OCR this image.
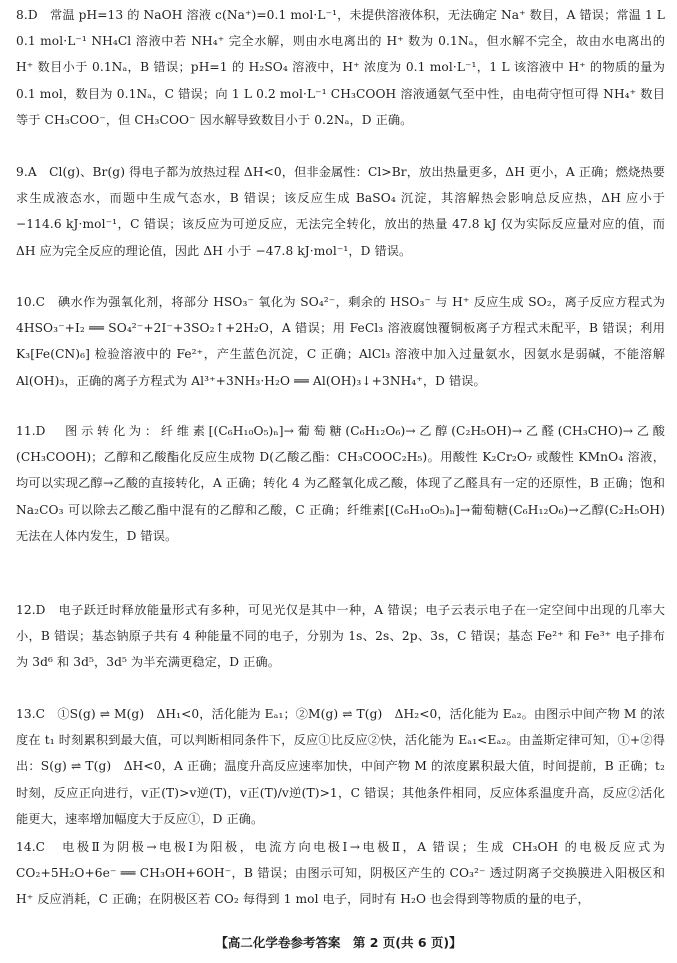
8.D　常温 pH=13 的 NaOH 溶液 c(Na⁺)=0.1 mol·L⁻¹，未提供溶液体积，无法确定 Na⁺ 数目，A 错误；常温 1 L 0.1 mol·L⁻¹ NH₄Cl 溶液中若 NH₄⁺ 完全水解，则由水电离出的 H⁺ 数为 0.1Nₐ，但水解不完全，故由水电离出的 H⁺ 数目小于 0.1Nₐ，B 错误；pH=1 的 H₂SO₄ 溶液中，H⁺ 浓度为 0.1 mol·L⁻¹，1 L 该溶液中 H⁺ 的物质的量为 0.1 mol，数目为 0.1Nₐ，C 错误；向 1 L 0.2 mol·L⁻¹ CH₃COOH 溶液通氨气至中性，由电荷守恒可得 NH₄⁺ 数目等于 CH₃COO⁻，但 CH₃COO⁻ 因水解导致数目小于 0.2Nₐ，D 正确。
9.A　Cl(g)、Br(g) 得电子都为放热过程 ΔH<0，但非金属性：Cl>Br，放出热量更多，ΔH 更小，A 正确；燃烧热要求生成液态水，而题中生成气态水，B 错误；该反应生成 BaSO₄ 沉淀，其溶解热会影响总反应热，ΔH 应小于 −114.6 kJ·mol⁻¹，C 错误；该反应为可逆反应，无法完全转化，放出的热量 47.8 kJ 仅为实际反应量对应的值，而 ΔH 应为完全反应的理论值，因此 ΔH 小于 −47.8 kJ·mol⁻¹，D 错误。
10.C　碘水作为强氧化剂，将部分 HSO₃⁻ 氧化为 SO₄²⁻，剩余的 HSO₃⁻ 与 H⁺ 反应生成 SO₂，离子反应方程式为 4HSO₃⁻+I₂ ══ SO₄²⁻+2I⁻+3SO₂↑+2H₂O，A 错误；用 FeCl₃ 溶液腐蚀覆铜板离子方程式未配平，B 错误；利用 K₃[Fe(CN)₆] 检验溶液中的 Fe²⁺，产生蓝色沉淀，C 正确；AlCl₃ 溶液中加入过量氨水，因氨水是弱碱，不能溶解 Al(OH)₃，正确的离子方程式为 Al³⁺+3NH₃·H₂O ══ Al(OH)₃↓+3NH₄⁺，D 错误。
11.D　图示转化为：纤维素[(C₆H₁₀O₅)ₙ]→葡萄糖(C₆H₁₂O₆)→乙醇(C₂H₅OH)→乙醛(CH₃CHO)→乙酸(CH₃COOH)；乙醇和乙酸酯化反应生成物 D(乙酸乙酯：CH₃COOC₂H₅)。用酸性 K₂Cr₂O₇ 或酸性 KMnO₄ 溶液，均可以实现乙醇→乙酸的直接转化，A 正确；转化 4 为乙醛氧化成乙酸，体现了乙醛具有一定的还原性，B 正确；饱和 Na₂CO₃ 可以除去乙酸乙酯中混有的乙醇和乙酸，C 正确；纤维素[(C₆H₁₀O₅)ₙ]→葡萄糖(C₆H₁₂O₆)→乙醇(C₂H₅OH)无法在人体内发生，D 错误。
12.D　电子跃迁时释放能量形式有多种，可见光仅是其中一种，A 错误；电子云表示电子在一定空间中出现的几率大小，B 错误；基态钠原子共有 4 种能量不同的电子，分别为 1s、2s、2p、3s，C 错误；基态 Fe²⁺ 和 Fe³⁺ 电子排布为 3d⁶ 和 3d⁵，3d⁵ 为半充满更稳定，D 正确。
13.C　①S(g) ⇌ M(g)　ΔH₁<0，活化能为 Eₐ₁；②M(g) ⇌ T(g)　ΔH₂<0，活化能为 Eₐ₂。由图示中间产物 M 的浓度在 t₁ 时刻累积到最大值，可以判断相同条件下，反应①比反应②快，活化能为 Eₐ₁<Eₐ₂。由盖斯定律可知，①+②得出：S(g) ⇌ T(g)　ΔH<0，A 正确；温度升高反应速率加快，中间产物 M 的浓度累积最大值，时间提前，B 正确；t₂ 时刻，反应正向进行，v正(T)>v逆(T)，v正(T)/v逆(T)>1，C 错误；其他条件相同，反应体系温度升高，反应②活化能更大，速率增加幅度大于反应①，D 正确。
14.C　电极Ⅱ为阴极→电极Ⅰ为阳极，电流方向电极Ⅰ→电极Ⅱ，A 错误；生成 CH₃OH 的电极反应式为 CO₂+5H₂O+6e⁻ ══ CH₃OH+6OH⁻，B 错误；由图示可知，阴极区产生的 CO₃²⁻ 透过阴离子交换膜进入阳极区和 H⁺ 反应消耗，C 正确；在阴极区若 CO₂ 每得到 1 mol 电子，同时有 H₂O 也会得到等物质的量的电子，
【高二化学卷参考答案　第 2 页(共 6 页)】
